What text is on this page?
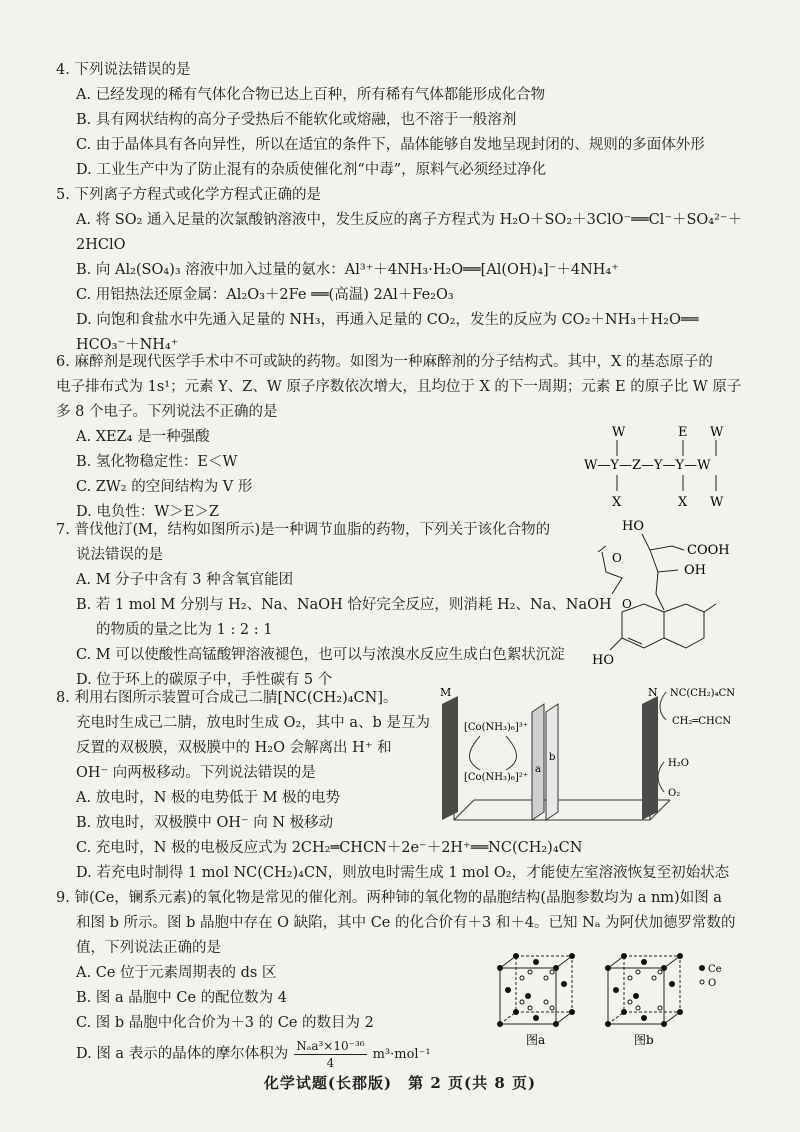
4. 下列说法错误的是

A. 已经发现的稀有气体化合物已达上百种，所有稀有气体都能形成化合物

B. 具有网状结构的高分子受热后不能软化或熔融，也不溶于一般溶剂

C. 由于晶体具有各向异性，所以在适宜的条件下，晶体能够自发地呈现封闭的、规则的多面体外形

D. 工业生产中为了防止混有的杂质使催化剂“中毒”，原料气必须经过净化

5. 下列离子方程式或化学方程式正确的是

A. 将 SO₂ 通入足量的次氯酸钠溶液中，发生反应的离子方程式为 H₂O＋SO₂＋3ClO⁻══Cl⁻＋SO₄²⁻＋

2HClO

B. 向 Al₂(SO₄)₃ 溶液中加入过量的氨水：Al³⁺＋4NH₃·H₂O══[Al(OH)₄]⁻＋4NH₄⁺

C. 用铝热法还原金属：Al₂O₃＋2Fe ══(高温) 2Al＋Fe₂O₃

D. 向饱和食盐水中先通入足量的 NH₃，再通入足量的 CO₂，发生的反应为 CO₂＋NH₃＋H₂O══

HCO₃⁻＋NH₄⁺

6. 麻醉剂是现代医学手术中不可或缺的药物。如图为一种麻醉剂的分子结构式。其中，X 的基态原子的

电子排布式为 1s¹；元素 Y、Z、W 原子序数依次增大，且均位于 X 的下一周期；元素 E 的原子比 W 原子

多 8 个电子。下列说法不正确的是

A. XEZ₄ 是一种强酸

B. 氢化物稳定性：E＜W

C. ZW₂ 的空间结构为 V 形

D. 电负性：W＞E＞Z

W	E W
W—Y—Z—Y—Y—W
X	X W

7. 普伐他汀(M，结构如图所示)是一种调节血脂的药物，下列关于该化合物的

说法错误的是

A. M 分子中含有 3 种含氧官能团

B. 若 1 mol M 分别与 H₂、Na、NaOH 恰好完全反应，则消耗 H₂、Na、NaOH

的物质的量之比为 1 : 2 : 1

C. M 可以使酸性高锰酸钾溶液褪色，也可以与浓溴水反应生成白色絮状沉淀

D. 位于环上的碳原子中，手性碳有 5 个

HO
COOH
OH
O
O
HO

8. 利用右图所示装置可合成己二腈[NC(CH₂)₄CN]。

充电时生成己二腈，放电时生成 O₂，其中 a、b 是互为

反置的双极膜，双极膜中的 H₂O 会解离出 H⁺ 和

OH⁻ 向两极移动。下列说法错误的是

A. 放电时，N 极的电势低于 M 极的电势

B. 放电时，双极膜中 OH⁻ 向 N 极移动

C. 充电时，N 极的电极反应式为 2CH₂═CHCN＋2e⁻＋2H⁺══NC(CH₂)₄CN

D. 若充电时制得 1 mol NC(CH₂)₄CN，则放电时需生成 1 mol O₂，才能使左室溶液恢复至初始状态

M	N
a
b
[Co(NH₃)₆]³⁺
[Co(NH₃)₆]²⁺
NC(CH₂)₄CN
CH₂═CHCN
H₂O
O₂

9. 铈(Ce，镧系元素)的氧化物是常见的催化剂。两种铈的氧化物的晶胞结构(晶胞参数均为 a nm)如图 a

和图 b 所示。图 b 晶胞中存在 O 缺陷，其中 Ce 的化合价有＋3 和＋4。已知 Nₐ 为阿伏加德罗常数的

值，下列说法正确的是

A. Ce 位于元素周期表的 ds 区

B. 图 a 晶胞中 Ce 的配位数为 4

C. 图 b 晶胞中化合价为＋3 的 Ce 的数目为 2

D. 图 a 表示的晶体的摩尔体积为 Nₐa³×10⁻³⁶
4
m³·mol⁻¹

图a	图b
Ce
O
化学试题(长郡版)　第 2 页(共 8 页)
